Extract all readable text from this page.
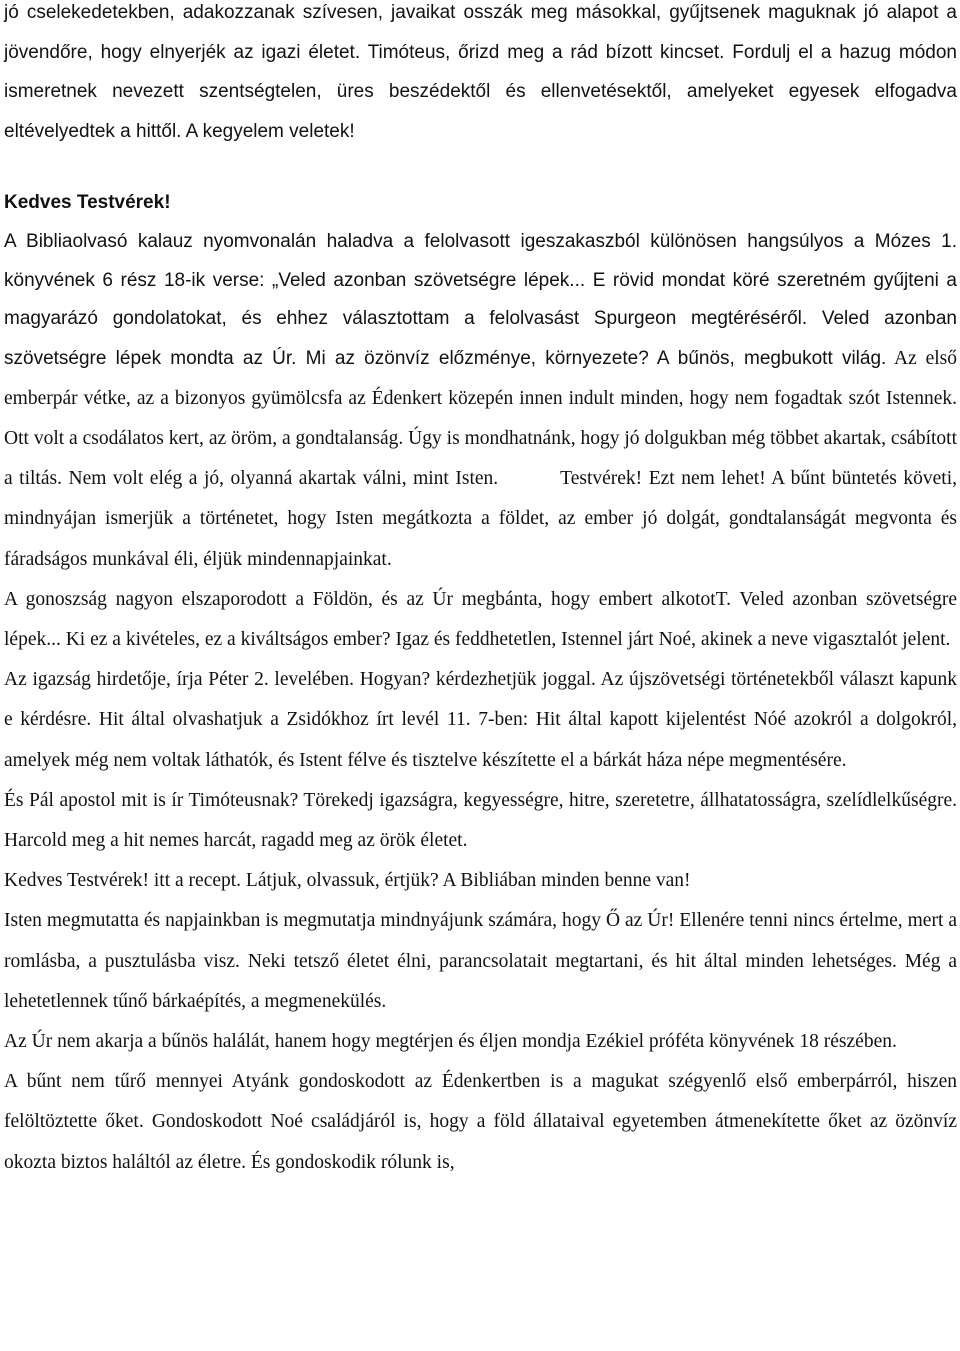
jó cselekedetekben, adakozzanak szívesen, javaikat osszák meg másokkal, gyűjtsenek maguknak jó alapot a jövendőre, hogy elnyerjék az igazi életet. Timóteus, őrizd meg a rád bízott kincset. Fordulj el a hazug módon ismeretnek nevezett szentségtelen, üres beszédektől és ellenvetésektől, amelyeket egyesek elfogadva eltévelyedtek a hittől. A kegyelem veletek!

Kedves Testvérek!

A Bibliaolvasó kalauz nyomvonalán haladva a felolvasott igeszakaszból különösen hangsúlyos a Mózes 1. könyvének 6 rész 18-ik verse: „Veled azonban szövetségre lépek... E rövid mondat köré szeretném gyűjteni a magyarázó gondolatokat, és ehhez választottam a felolvasást Spurgeon megtéréséről. Veled azonban szövetségre lépek mondta az Úr. Mi az özönvíz előzménye, környezete? A bűnös, megbukott világ. Az első emberpár vétke, az a bizonyos gyümölcsfa az Édenkert közepén innen indult minden, hogy nem fogadtak szót Istennek. Ott volt a csodálatos kert, az öröm, a gondtalanság. Úgy is mondhatnánk, hogy jó dolgukban még többet akartak, csábított a tiltás. Nem volt elég a jó, olyanná akartak válni, mint Isten.	Testvérek! Ezt nem lehet! A bűnt büntetés követi, mindnyájan ismerjük a történetet, hogy Isten megátkozta a földet, az ember jó dolgát, gondtalanságát megvonta és fáradságos munkával éli, éljük mindennapjainkat.

A gonoszság nagyon elszaporodott a Földön, és az Úr megbánta, hogy embert alkototT. Veled azonban szövetségre lépek... Ki ez a kivételes, ez a kiváltságos ember? Igaz és feddhetetlen, Istennel járt Noé, akinek a neve vigasztalót jelent.

Az igazság hirdetője, írja Péter 2. levelében. Hogyan? kérdezhetjük joggal. Az újszövetségi történetekből választ kapunk e kérdésre. Hit által olvashatjuk a Zsidókhoz írt levél 11. 7-ben: Hit által kapott kijelentést Nóé azokról a dolgokról, amelyek még nem voltak láthatók, és Istent félve és tisztelve készítette el a bárkát háza népe megmentésére.

És Pál apostol mit is ír Timóteusnak? Törekedj igazságra, kegyességre, hitre, szeretetre, állhatatosságra, szelídlelkűségre. Harcold meg a hit nemes harcát, ragadd meg az örök életet.

Kedves Testvérek! itt a recept. Látjuk, olvassuk, értjük? A Bibliában minden benne van!

Isten megmutatta és napjainkban is megmutatja mindnyájunk számára, hogy Ő az Úr! Ellenére tenni nincs értelme, mert a romlásba, a pusztulásba visz. Neki tetsző életet élni, parancsolatait megtartani, és hit által minden lehetséges. Még a lehetetlennek tűnő bárkaépítés, a megmenekülés.

Az Úr nem akarja a bűnös halálát, hanem hogy megtérjen és éljen mondja Ezékiel próféta könyvének 18 részében.

A bűnt nem tűrő mennyei Atyánk gondoskodott az Édenkertben is a magukat szégyenlő első emberpárról, hiszen felöltöztette őket. Gondoskodott Noé családjáról is, hogy a föld állataival egyetemben átmenekítette őket az özönvíz okozta biztos haláltól az életre. És gondoskodik rólunk is,
